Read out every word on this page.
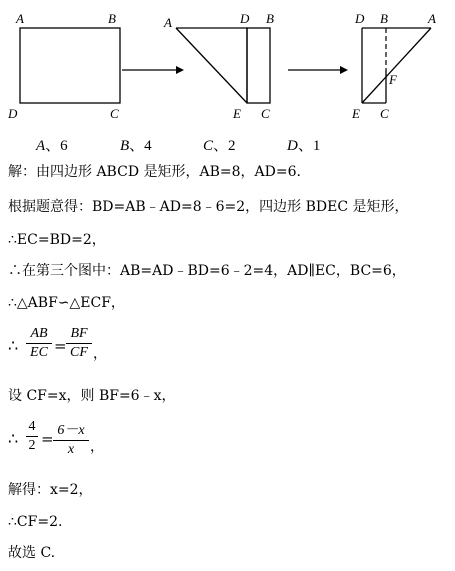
A	B
D	C
A	D B
E C
D B	A
F
E C
A、6	B、4	C、2	D、1
解：由四边形 ABCD 是矩形，AB=8，AD=6.
根据题意得：BD=AB﹣AD=8﹣6=2，四边形 BDEC 是矩形，
∴EC=BD=2，
∴在第三个图中：AB=AD﹣BD=6﹣2=4，AD∥EC，BC=6，
∴△ABF∽△ECF，
∴
AB
EC =
BF
CF ，
设 CF=x，则 BF=6﹣x，
∴
4
2 = 6－x
x	，
解得：x=2，
∴CF=2.
故选 C.
